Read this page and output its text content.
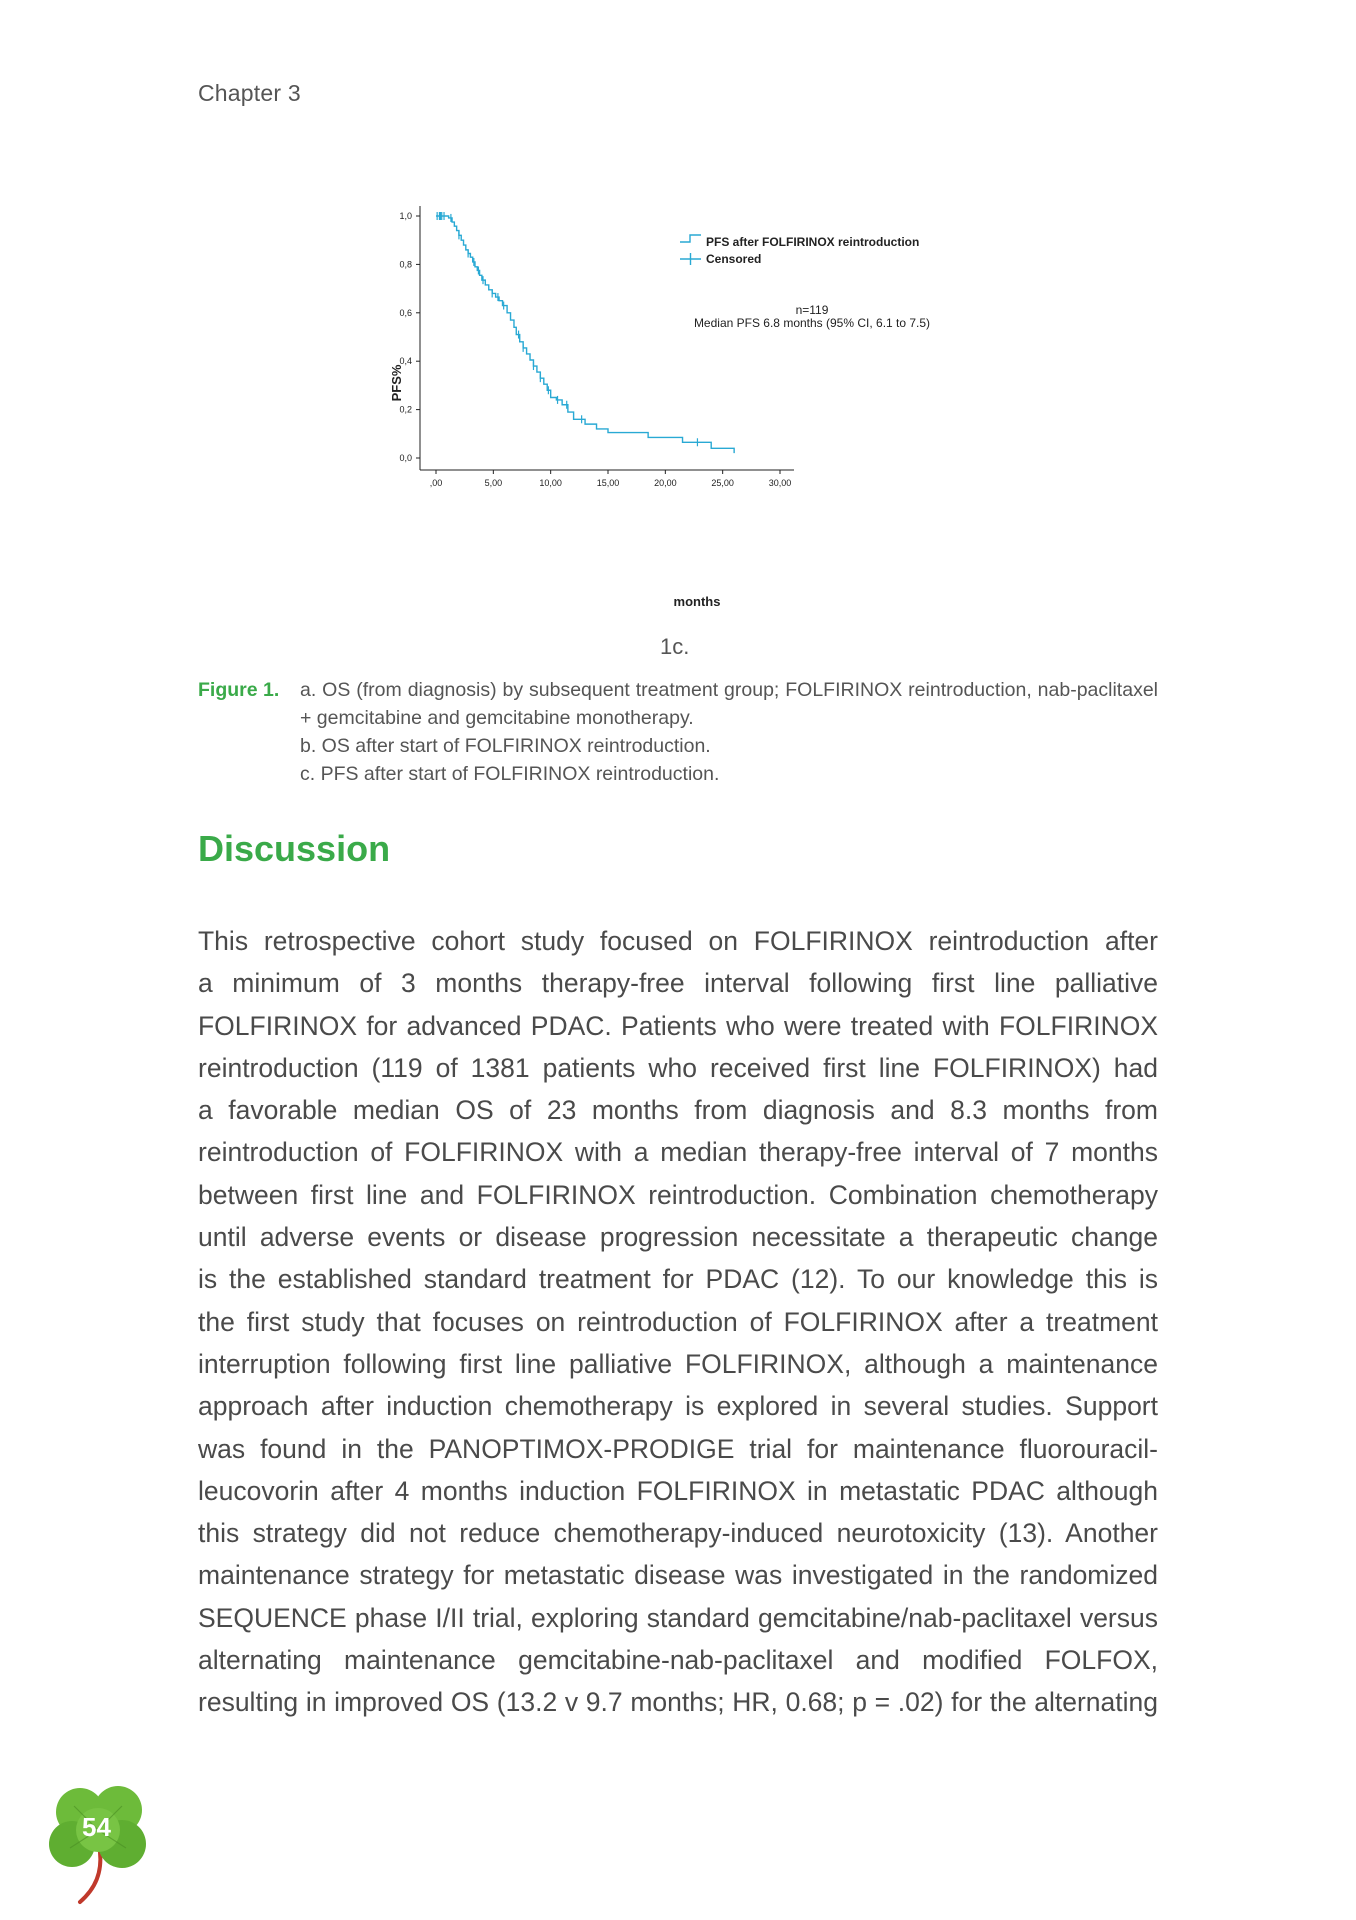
Chapter 3
0,0
0,2
0,4
0,6
0,8
1,0
,00	5,00	10,00	15,00	20,00	25,00	30,00
PFS after FOLFIRINOX reintroduction
Censored
n=119
Median PFS 6.8 months (95% CI, 6.1 to 7.5)
months
PFS%
1c.
Figure 1. a. OS (from diagnosis) by subsequent treatment group; FOLFIRINOX reintroduction, nab-paclitaxel + gemcitabine and gemcitabine monotherapy.
b. OS after start of FOLFIRINOX reintroduction.
c. PFS after start of FOLFIRINOX reintroduction.
Discussion
This retrospective cohort study focused on FOLFIRINOX reintroduction after
a minimum of 3 months therapy-free interval following first line palliative
FOLFIRINOX for advanced PDAC. Patients who were treated with FOLFIRINOX
reintroduction (119 of 1381 patients who received first line FOLFIRINOX) had
a favorable median OS of 23 months from diagnosis and 8.3 months from
reintroduction of FOLFIRINOX with a median therapy-free interval of 7 months
between first line and FOLFIRINOX reintroduction. Combination chemotherapy
until adverse events or disease progression necessitate a therapeutic change
is the established standard treatment for PDAC (12). To our knowledge this is
the first study that focuses on reintroduction of FOLFIRINOX after a treatment
interruption following first line palliative FOLFIRINOX, although a maintenance
approach after induction chemotherapy is explored in several studies. Support
was found in the PANOPTIMOX-PRODIGE trial for maintenance fluorouracil-
leucovorin after 4 months induction FOLFIRINOX in metastatic PDAC although
this strategy did not reduce chemotherapy-induced neurotoxicity (13). Another
maintenance strategy for metastatic disease was investigated in the randomized
SEQUENCE phase I/II trial, exploring standard gemcitabine/nab-paclitaxel versus
alternating maintenance gemcitabine-nab-paclitaxel and modified FOLFOX,
resulting in improved OS (13.2 v 9.7 months; HR, 0.68; p = .02) for the alternating
54
